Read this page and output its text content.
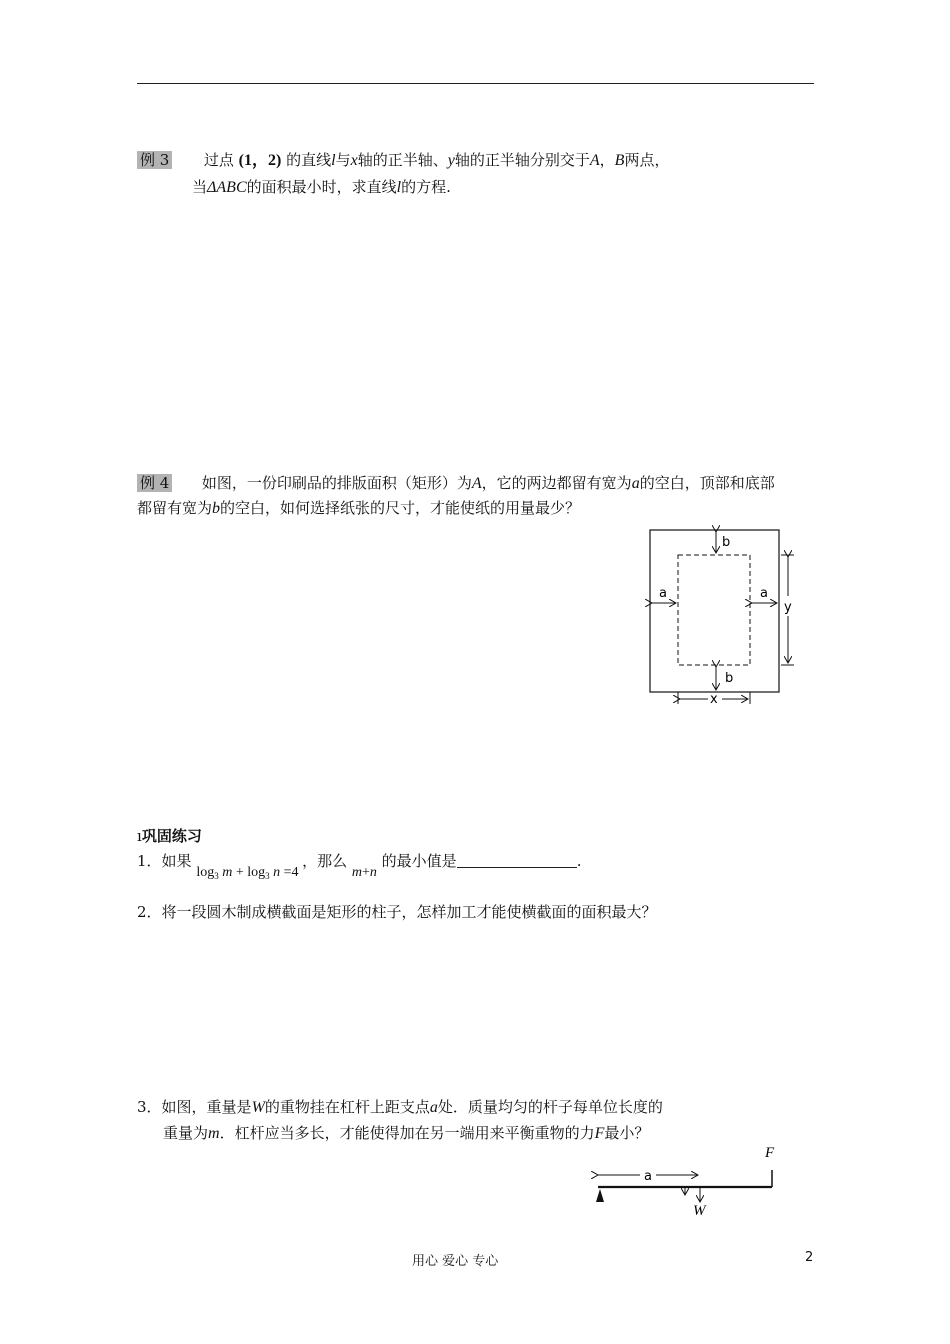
例 3 过点 (1，2) 的直线l与x轴的正半轴、y轴的正半轴分别交于A，B两点，
当ΔABC的面积最小时，求直线l的方程.
例 4 如图，一份印刷品的排版面积（矩形）为A，它的两边都留有宽为a的空白，顶部和底部
都留有宽为b的空白，如何选择纸张的尺寸，才能使纸的用量最少？
b
b
a	a
y
x
ı巩固练习
1．如果 $\log_3 m + \log_3 n =4$ ，那么 m+n 的最小值是	.
2．将一段圆木制成横截面是矩形的柱子，怎样加工才能使横截面的面积最大？
3．如图，重量是W的重物挂在杠杆上距支点a处．质量均匀的杆子每单位长度的
重量为m．杠杆应当多长，才能使得加在另一端用来平衡重物的力F最小？
a
F
W
用心 爱心 专心	2
